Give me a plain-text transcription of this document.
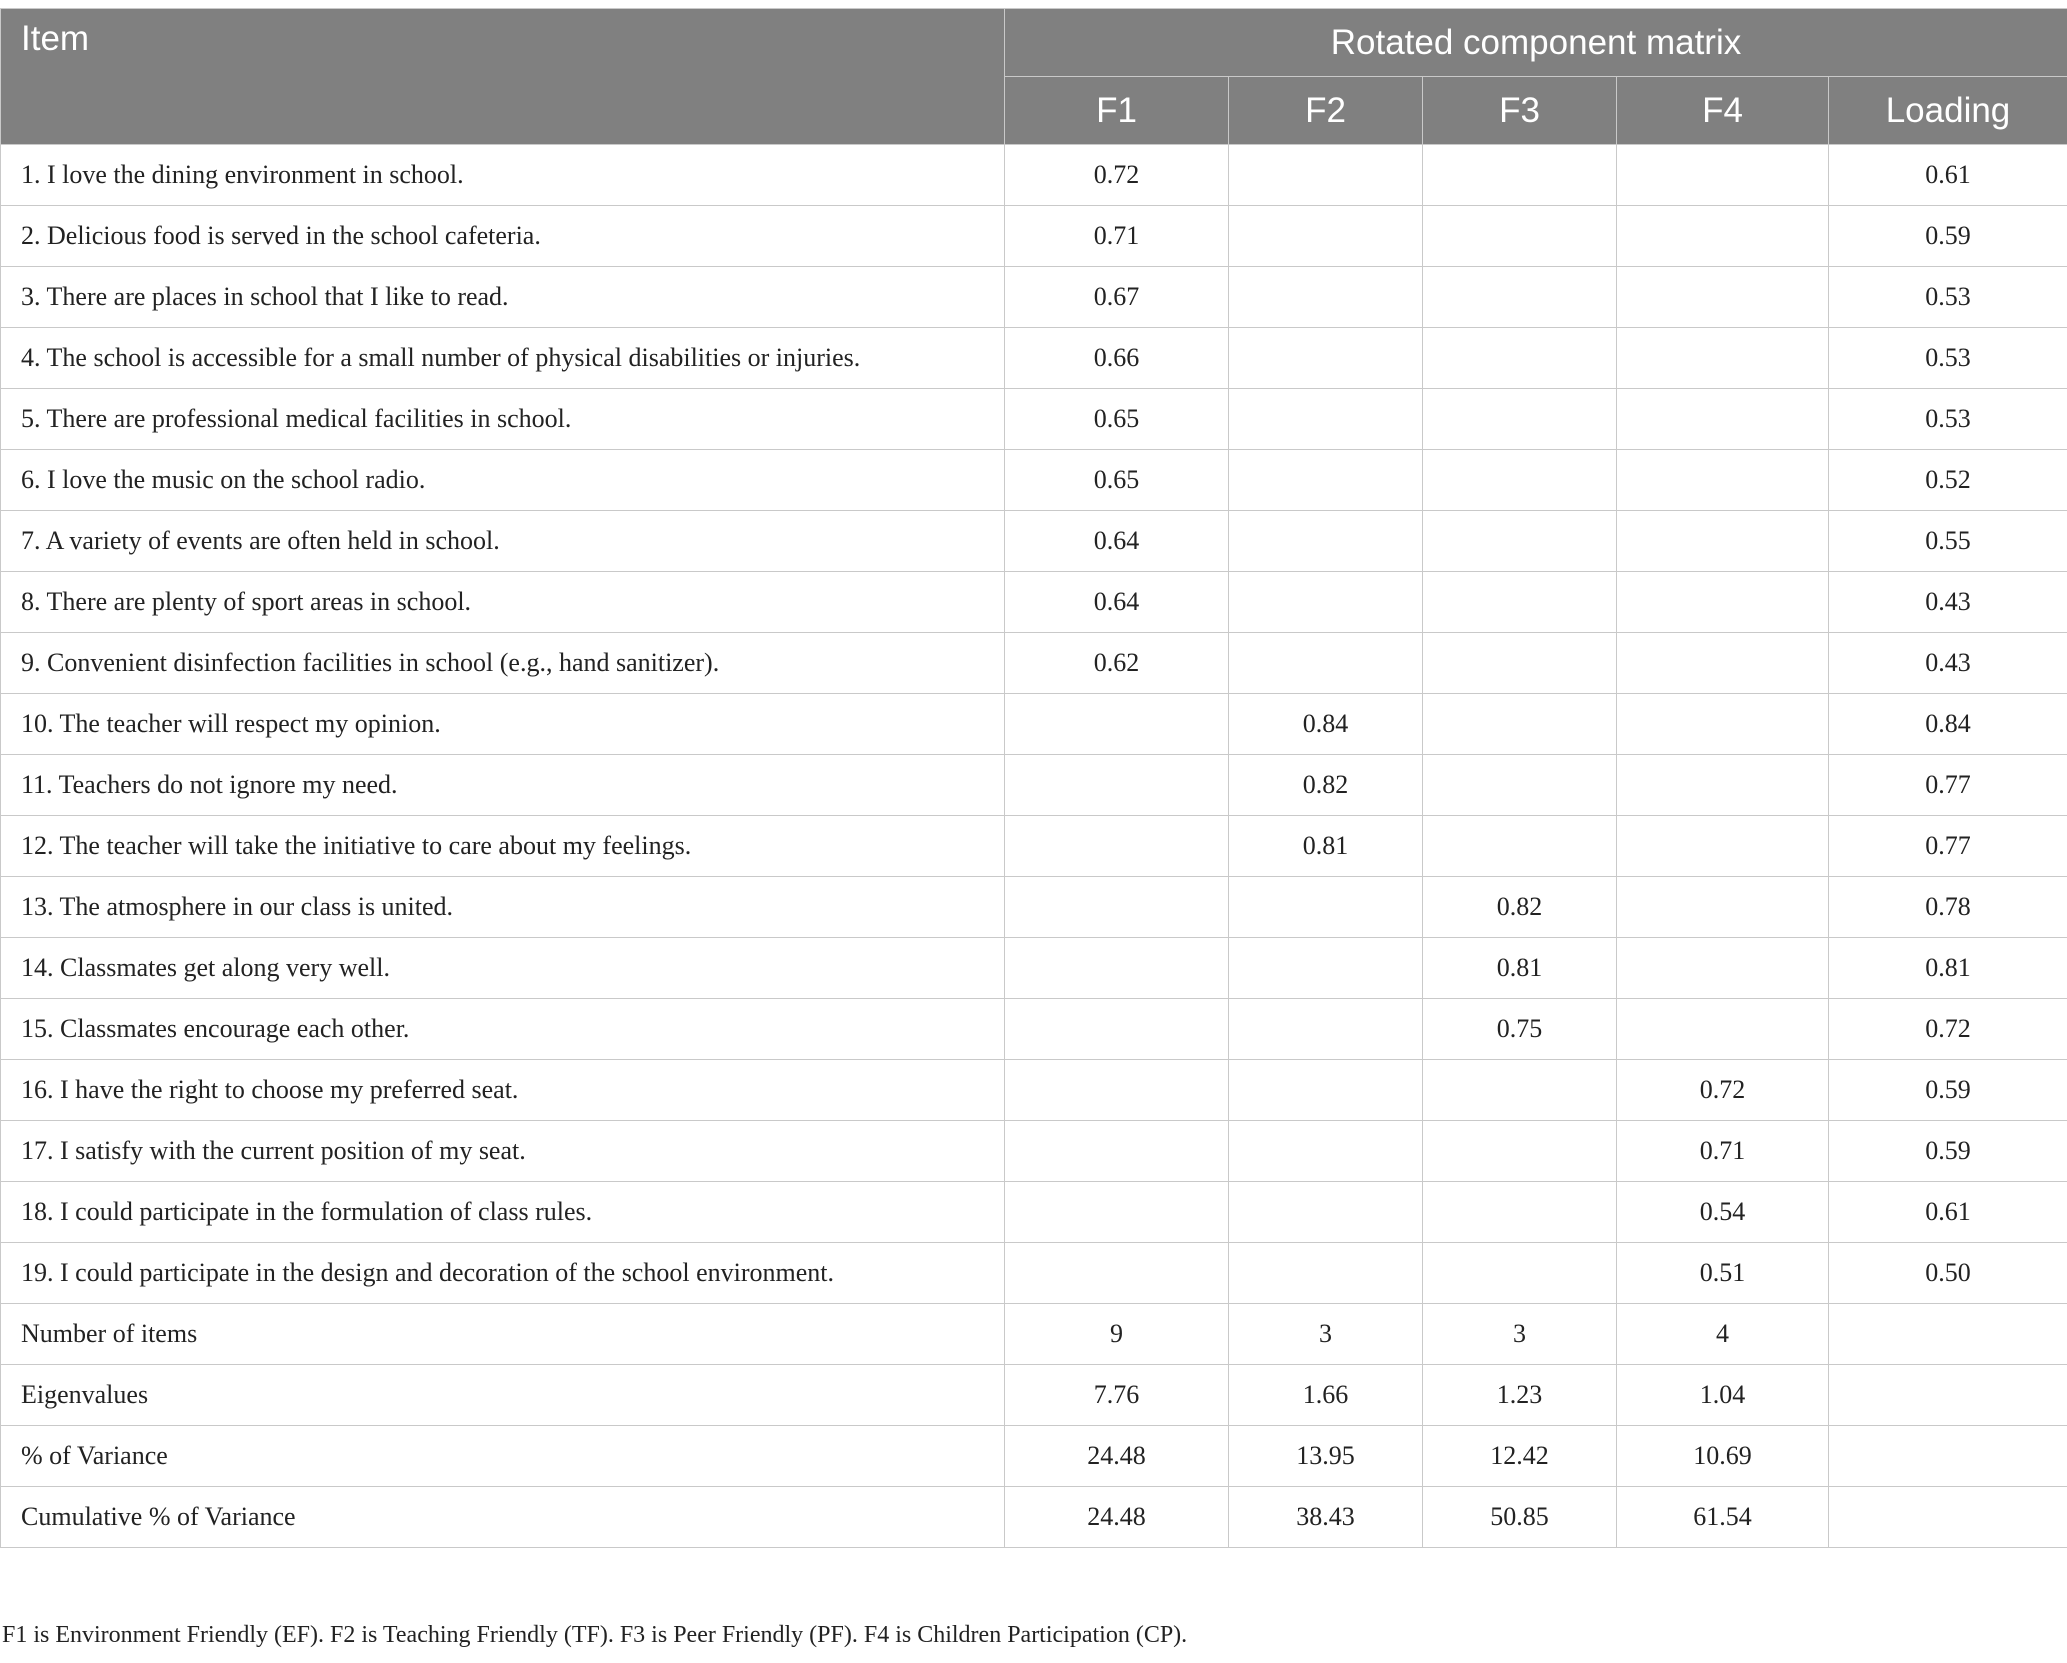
Item	Rotated component matrix				
	F1	F2	F3	F4	Loading
1. I love the dining environment in school.	0.72				0.61
2. Delicious food is served in the school cafeteria.	0.71				0.59
3. There are places in school that I like to read.	0.67				0.53
4. The school is accessible for a small number of physical disabilities or injuries.	0.66				0.53
5. There are professional medical facilities in school.	0.65				0.53
6. I love the music on the school radio.	0.65				0.52
7. A variety of events are often held in school.	0.64				0.55
8. There are plenty of sport areas in school.	0.64				0.43
9. Convenient disinfection facilities in school (e.g., hand sanitizer).	0.62				0.43
10. The teacher will respect my opinion.		0.84			0.84
11. Teachers do not ignore my need.		0.82			0.77
12. The teacher will take the initiative to care about my feelings.		0.81			0.77
13. The atmosphere in our class is united.			0.82		0.78
14. Classmates get along very well.			0.81		0.81
15. Classmates encourage each other.			0.75		0.72
16. I have the right to choose my preferred seat.				0.72	0.59
17. I satisfy with the current position of my seat.				0.71	0.59
18. I could participate in the formulation of class rules.				0.54	0.61
19. I could participate in the design and decoration of the school environment.				0.51	0.50
Number of items	9	3	3	4	
Eigenvalues	7.76	1.66	1.23	1.04	
% of Variance	24.48	13.95	12.42	10.69	
Cumulative % of Variance	24.48	38.43	50.85	61.54	
F1 is Environment Friendly (EF). F2 is Teaching Friendly (TF). F3 is Peer Friendly (PF). F4 is Children Participation (CP).
